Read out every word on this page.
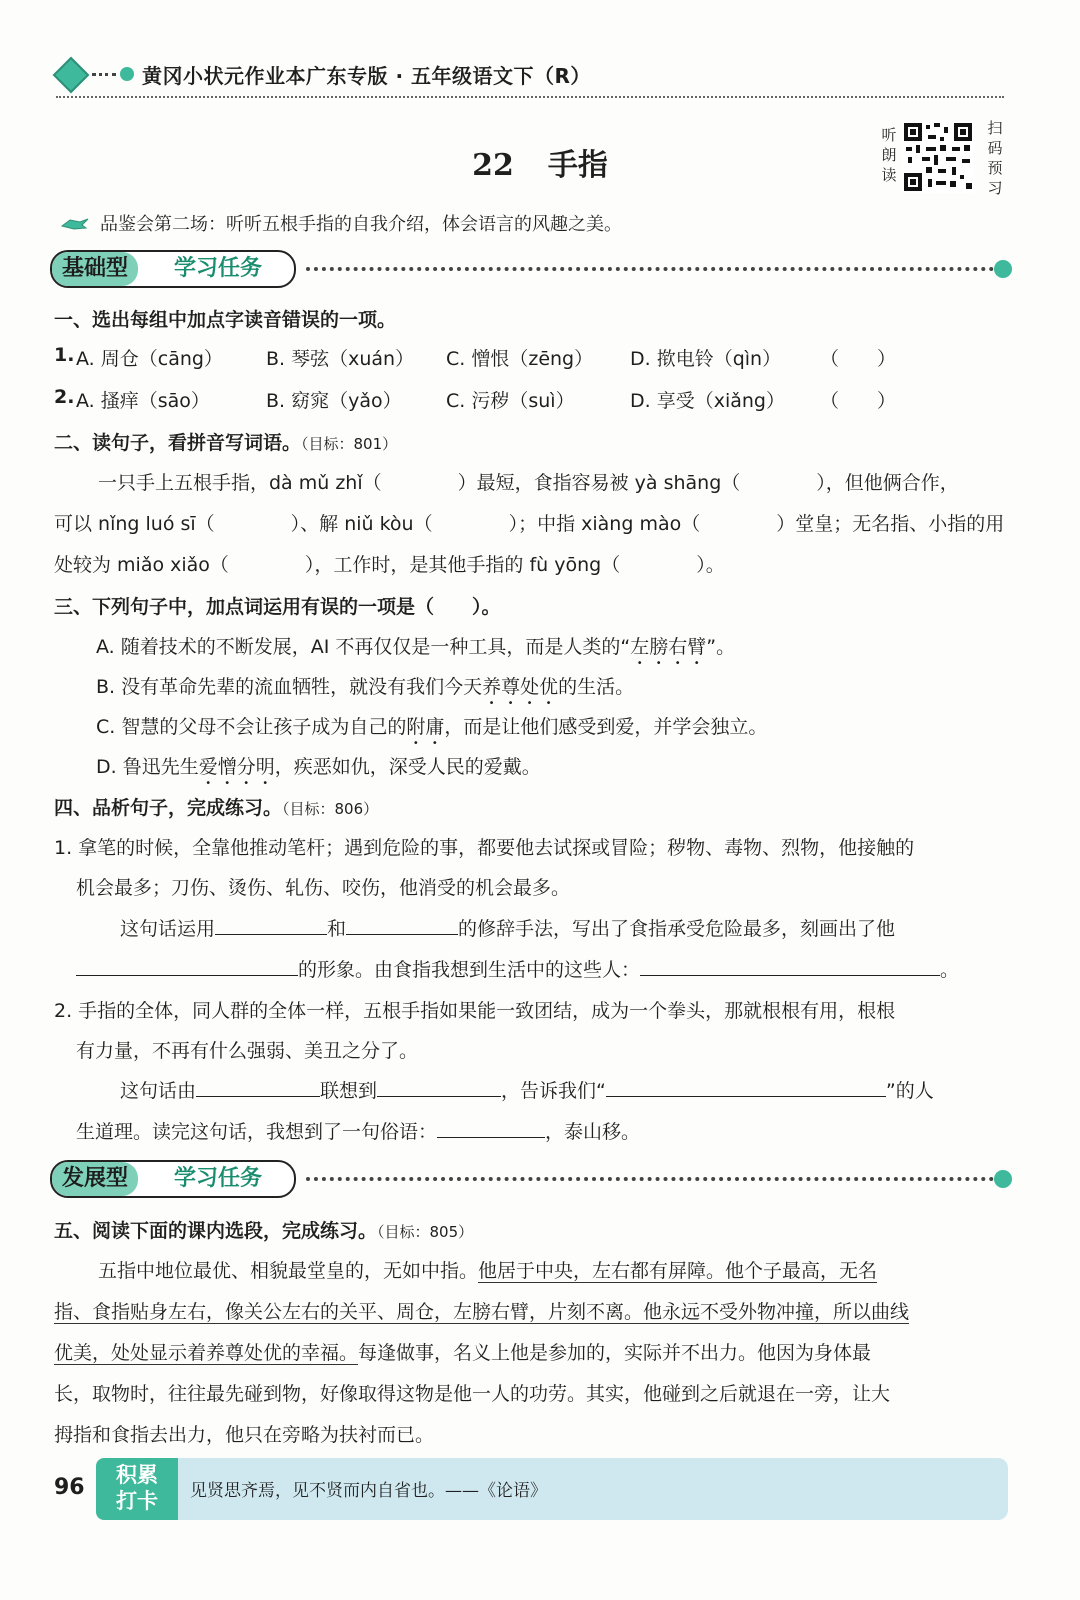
黄冈小状元作业本广东专版 · 五年级语文下（R）
22 手指
听
朗
读
扫
码
预
习
品鉴会第二场：听听五根手指的自我介绍，体会语言的风趣之美。
基础型	学习任务
一、选出每组中加点字读音错误的一项。
1. A. 周仓（cāng） B. 琴弦（xuán） C. 憎恨（zēng） D. 揿电铃（qìn） （　　）
2. A. 搔痒（sāo）	B. 窈窕（yǎo） C. 污秽（suì）	D. 享受（xiǎng） （　　）
二、读句子，看拼音写词语。（目标：801）
一只手上五根手指，dà mǔ zhǐ（　　　　）最短，食指容易被 yà shāng（　　　　），但他俩合作，
可以 nǐng luó sī（　　　　）、解 niǔ kòu（　　　　）；中指 xiàng mào（　　　　）堂皇；无名指、小指的用
处较为 miǎo xiǎo（　　　　），工作时，是其他手指的 fù yōng（　　　　）。
三、下列句子中，加点词运用有误的一项是（　　）。
A. 随着技术的不断发展，AI 不再仅仅是一种工具，而是人类的“左膀右臂”。
B. 没有革命先辈的流血牺牲，就没有我们今天养尊处优的生活。
C. 智慧的父母不会让孩子成为自己的附庸，而是让他们感受到爱，并学会独立。
D. 鲁迅先生爱憎分明，疾恶如仇，深受人民的爱戴。
四、品析句子，完成练习。（目标：806）
1. 拿笔的时候，全靠他推动笔杆；遇到危险的事，都要他去试探或冒险；秽物、毒物、烈物，他接触的
机会最多；刀伤、烫伤、轧伤、咬伤，他消受的机会最多。
这句话运用	和	的修辞手法，写出了食指承受危险最多，刻画出了他
的形象。由食指我想到生活中的这些人：	。
2. 手指的全体，同人群的全体一样，五根手指如果能一致团结，成为一个拳头，那就根根有用，根根
有力量，不再有什么强弱、美丑之分了。
这句话由	联想到	，告诉我们“	”的人
生道理。读完这句话，我想到了一句俗语：	，泰山移。
发展型	学习任务
五、阅读下面的课内选段，完成练习。（目标：805）
五指中地位最优、相貌最堂皇的，无如中指。他居于中央，左右都有屏障。他个子最高，无名
指、食指贴身左右，像关公左右的关平、周仓，左膀右臂，片刻不离。他永远不受外物冲撞，所以曲线
优美，处处显示着养尊处优的幸福。每逢做事，名义上他是参加的，实际并不出力。他因为身体最
长，取物时，往往最先碰到物，好像取得这物是他一人的功劳。其实，他碰到之后就退在一旁，让大
拇指和食指去出力，他只在旁略为扶衬而已。
96	积累
打卡	见贤思齐焉，见不贤而内自省也。——《论语》
